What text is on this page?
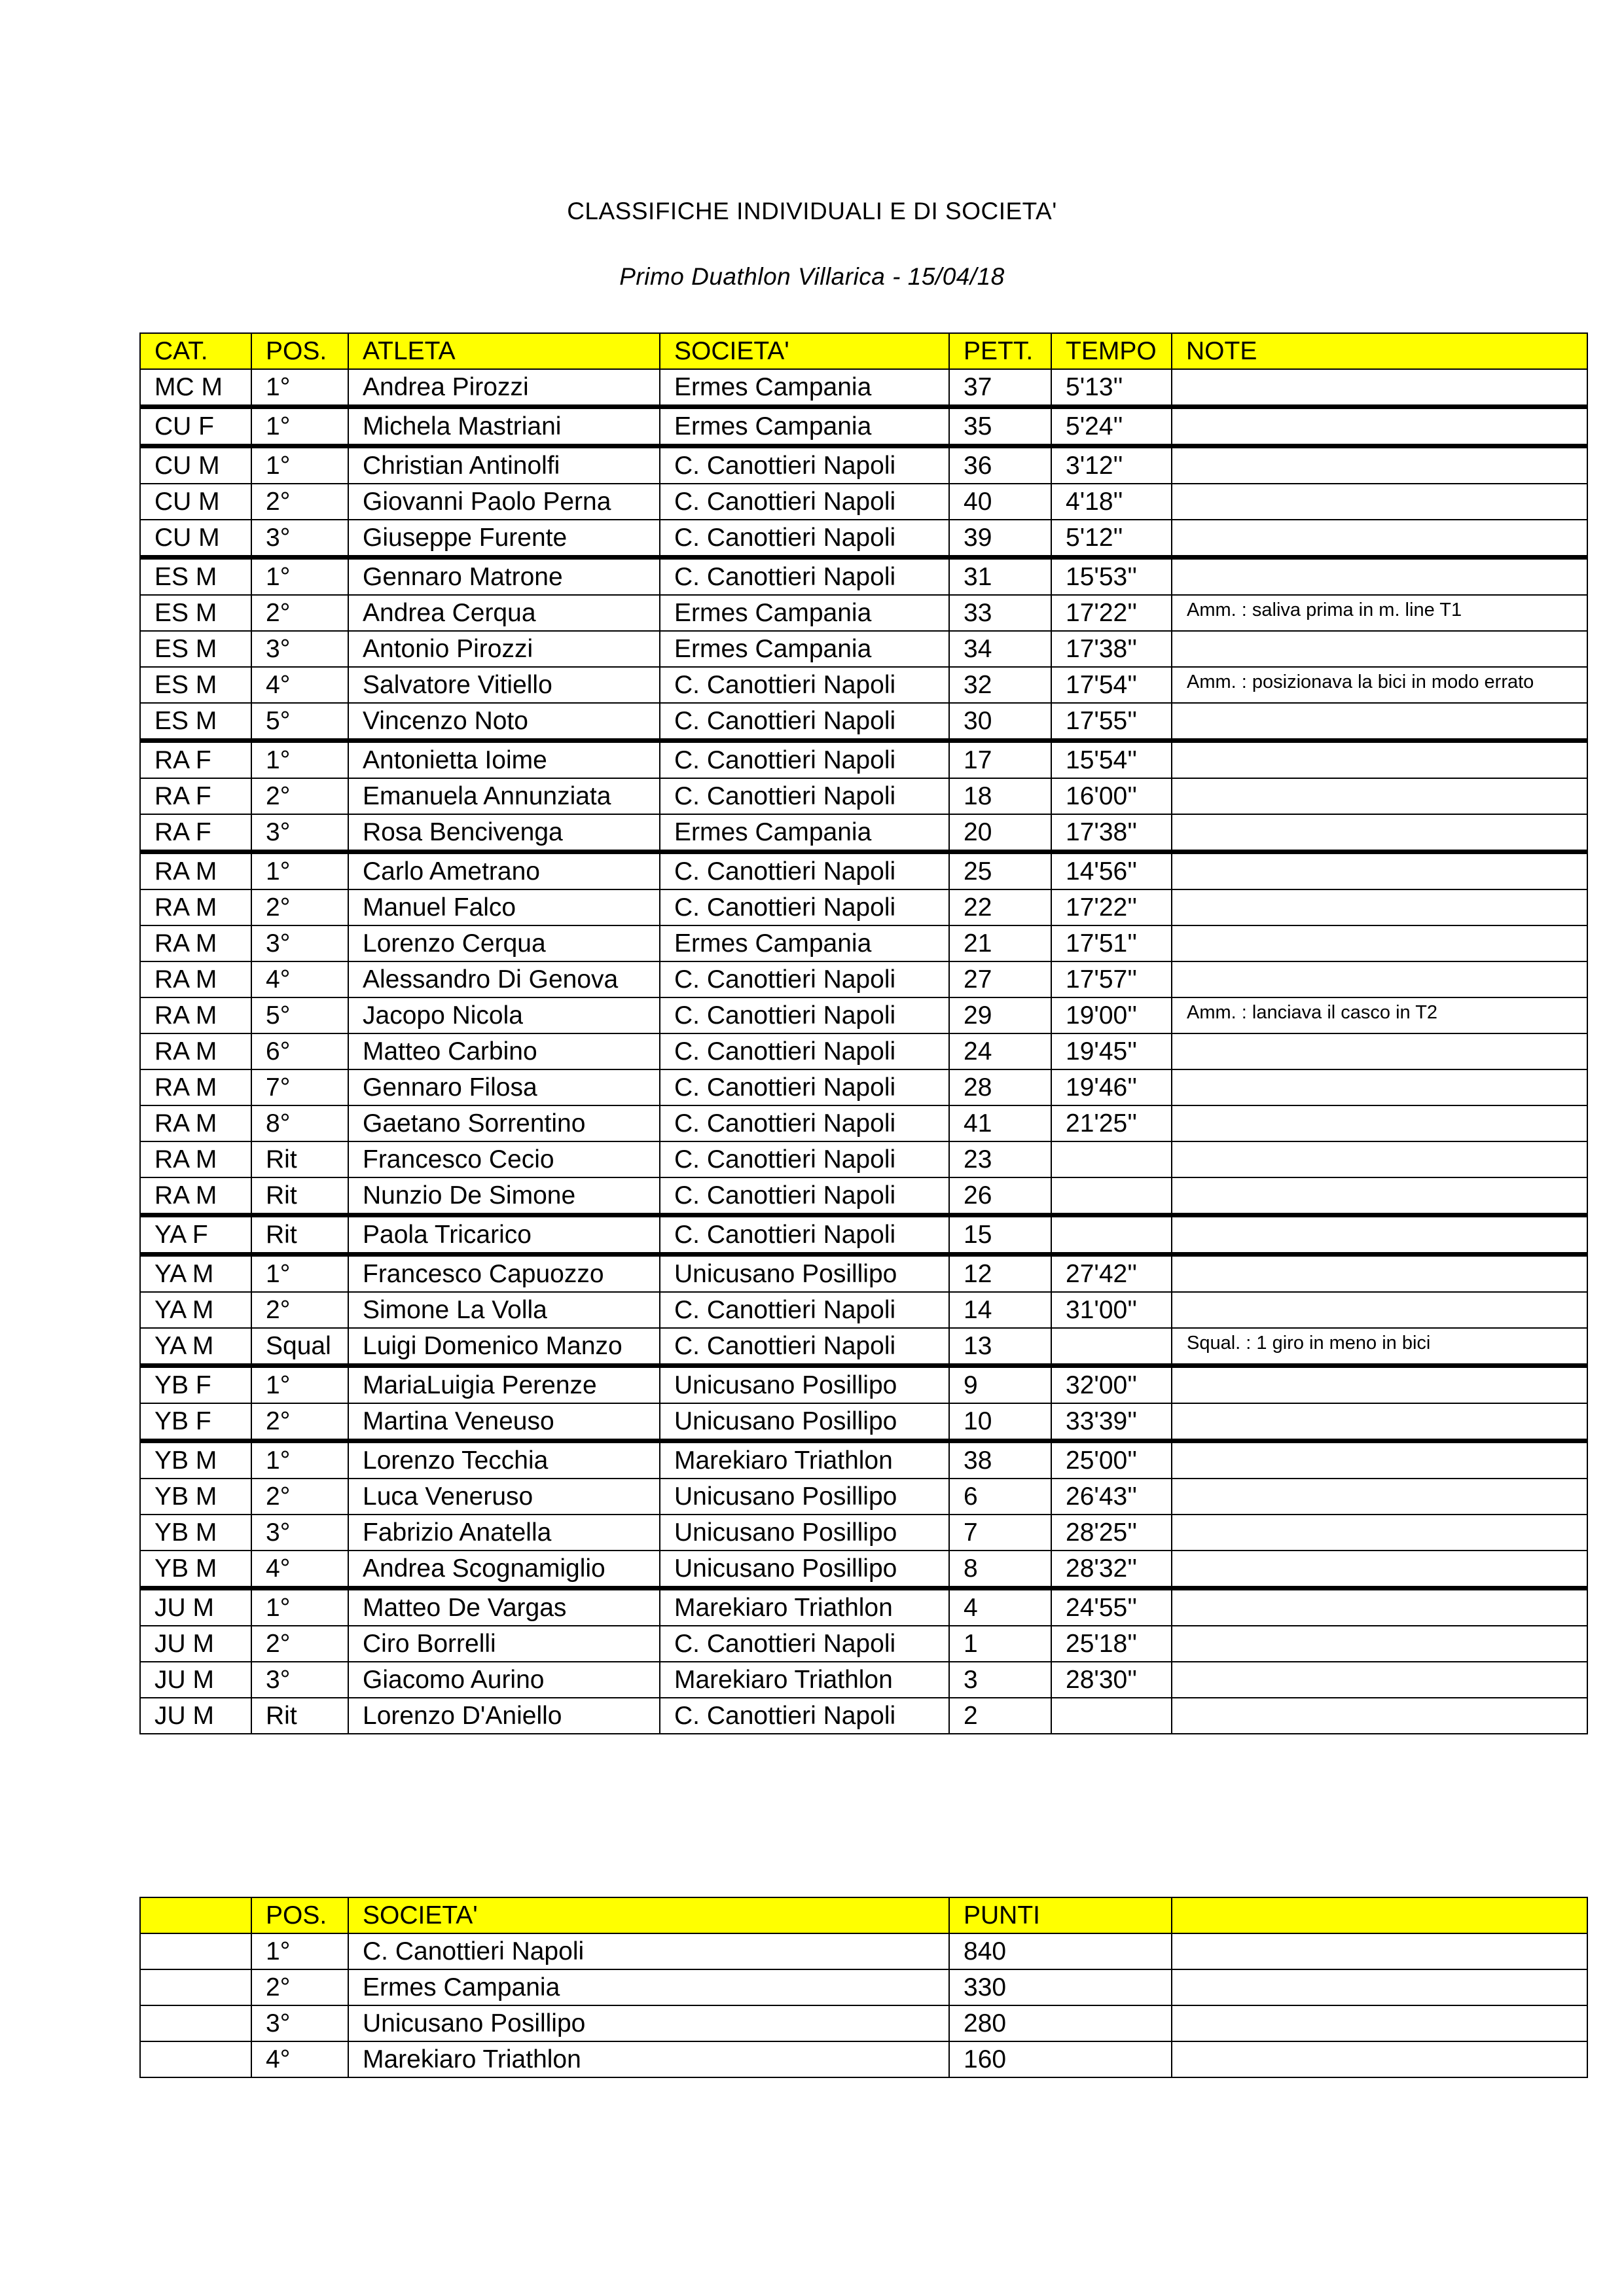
CLASSIFICHE INDIVIDUALI E DI SOCIETA'
Primo Duathlon Villarica - 15/04/18
CAT.	POS.	ATLETA	SOCIETA'	PETT.	TEMPO	NOTE
MC M	1°	Andrea Pirozzi	Ermes Campania	37	5'13''	
CU F	1°	Michela Mastriani	Ermes Campania	35	5'24''	
CU M	1°	Christian Antinolfi	C. Canottieri Napoli	36	3'12''	
CU M	2°	Giovanni Paolo Perna	C. Canottieri Napoli	40	4'18''	
CU M	3°	Giuseppe Furente	C. Canottieri Napoli	39	5'12''	
ES M	1°	Gennaro Matrone	C. Canottieri Napoli	31	15'53''	
ES M	2°	Andrea Cerqua	Ermes Campania	33	17'22''	Amm. : saliva prima in m. line T1
ES M	3°	Antonio Pirozzi	Ermes Campania	34	17'38''	
ES M	4°	Salvatore Vitiello	C. Canottieri Napoli	32	17'54''	Amm. : posizionava la bici in modo errato
ES M	5°	Vincenzo Noto	C. Canottieri Napoli	30	17'55''	
RA F	1°	Antonietta Ioime	C. Canottieri Napoli	17	15'54''	
RA F	2°	Emanuela Annunziata	C. Canottieri Napoli	18	16'00''	
RA F	3°	Rosa Bencivenga	Ermes Campania	20	17'38''	
RA M	1°	Carlo Ametrano	C. Canottieri Napoli	25	14'56''	
RA M	2°	Manuel Falco	C. Canottieri Napoli	22	17'22''	
RA M	3°	Lorenzo Cerqua	Ermes Campania	21	17'51''	
RA M	4°	Alessandro Di Genova	C. Canottieri Napoli	27	17'57''	
RA M	5°	Jacopo Nicola	C. Canottieri Napoli	29	19'00''	Amm. : lanciava il casco in T2
RA M	6°	Matteo Carbino	C. Canottieri Napoli	24	19'45''	
RA M	7°	Gennaro Filosa	C. Canottieri Napoli	28	19'46''	
RA M	8°	Gaetano Sorrentino	C. Canottieri Napoli	41	21'25''	
RA M	Rit	Francesco Cecio	C. Canottieri Napoli	23		
RA M	Rit	Nunzio De Simone	C. Canottieri Napoli	26		
YA F	Rit	Paola Tricarico	C. Canottieri Napoli	15		
YA M	1°	Francesco Capuozzo	Unicusano Posillipo	12	27'42''	
YA M	2°	Simone La Volla	C. Canottieri Napoli	14	31'00''	
YA M	Squal	Luigi Domenico Manzo	C. Canottieri Napoli	13		Squal. : 1 giro in meno in bici
YB F	1°	MariaLuigia Perenze	Unicusano Posillipo	9	32'00''	
YB F	2°	Martina Veneuso	Unicusano Posillipo	10	33'39''	
YB M	1°	Lorenzo Tecchia	Marekiaro Triathlon	38	25'00''	
YB M	2°	Luca Veneruso	Unicusano Posillipo	6	26'43''	
YB M	3°	Fabrizio Anatella	Unicusano Posillipo	7	28'25''	
YB M	4°	Andrea Scognamiglio	Unicusano Posillipo	8	28'32''	
JU M	1°	Matteo De Vargas	Marekiaro Triathlon	4	24'55''	
JU M	2°	Ciro Borrelli	C. Canottieri Napoli	1	25'18''	
JU M	3°	Giacomo Aurino	Marekiaro Triathlon	3	28'30''	
JU M	Rit	Lorenzo D'Aniello	C. Canottieri Napoli	2		
	POS.	SOCIETA'	PUNTI	
	1°	C. Canottieri Napoli	840	
	2°	Ermes Campania	330	
	3°	Unicusano Posillipo	280	
	4°	Marekiaro Triathlon	160	
